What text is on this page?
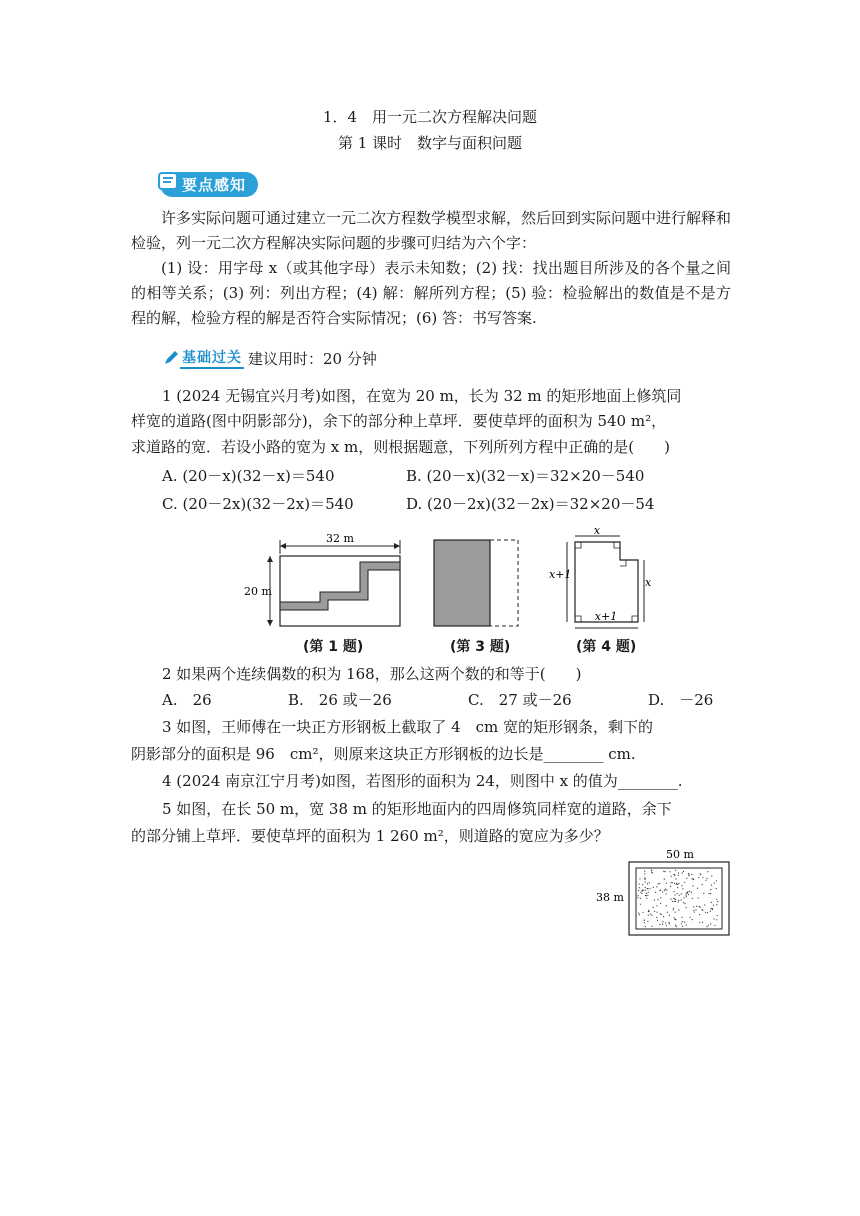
1．4　用一元二次方程解决问题
第 1 课时　数字与面积问题
要点感知

许多实际问题可通过建立一元二次方程数学模型求解，然后回到实际问题中进行解释和检验，列一元二次方程解决实际问题的步骤可归结为六个字：

(1) 设：用字母 x（或其他字母）表示未知数；(2) 找：找出题目所涉及的各个量之间的相等关系；(3) 列：列出方程；(4) 解：解所列方程；(5) 验：检验解出的数值是不是方程的解，检验方程的解是否符合实际情况；(6) 答：书写答案.

基础过关 建议用时：20 分钟
1 (2024 无锡宜兴月考)如图，在宽为 20 m，长为 32 m 的矩形地面上修筑同
样宽的道路(图中阴影部分)，余下的部分种上草坪．要使草坪的面积为 540 m²，
求道路的宽．若设小路的宽为 x m，则根据题意，下列所列方程中正确的是(　　)
A. (20－x)(32－x)＝540	B. (20－x)(32－x)＝32×20－540
C. (20－2x)(32－2x)＝540	D. (20－2x)(32－2x)＝32×20－54
32 m
20 m
x
x+1
x
x+1
(第 1 题)	(第 3 题)	(第 4 题)
2 如果两个连续偶数的积为 168，那么这两个数的和等于(　　)
A.　26	B.　26 或－26	C.　27 或－26	D.　－26
3 如图，王师傅在一块正方形钢板上截取了 4　cm 宽的矩形钢条，剩下的
阴影部分的面积是 96　cm²，则原来这块正方形钢板的边长是________ cm.
4 (2024 南京江宁月考)如图，若图形的面积为 24，则图中 x 的值为________.
5 如图，在长 50 m，宽 38 m 的矩形地面内的四周修筑同样宽的道路，余下
的部分铺上草坪．要使草坪的面积为 1 260 m²，则道路的宽应为多少？
50 m
38 m
